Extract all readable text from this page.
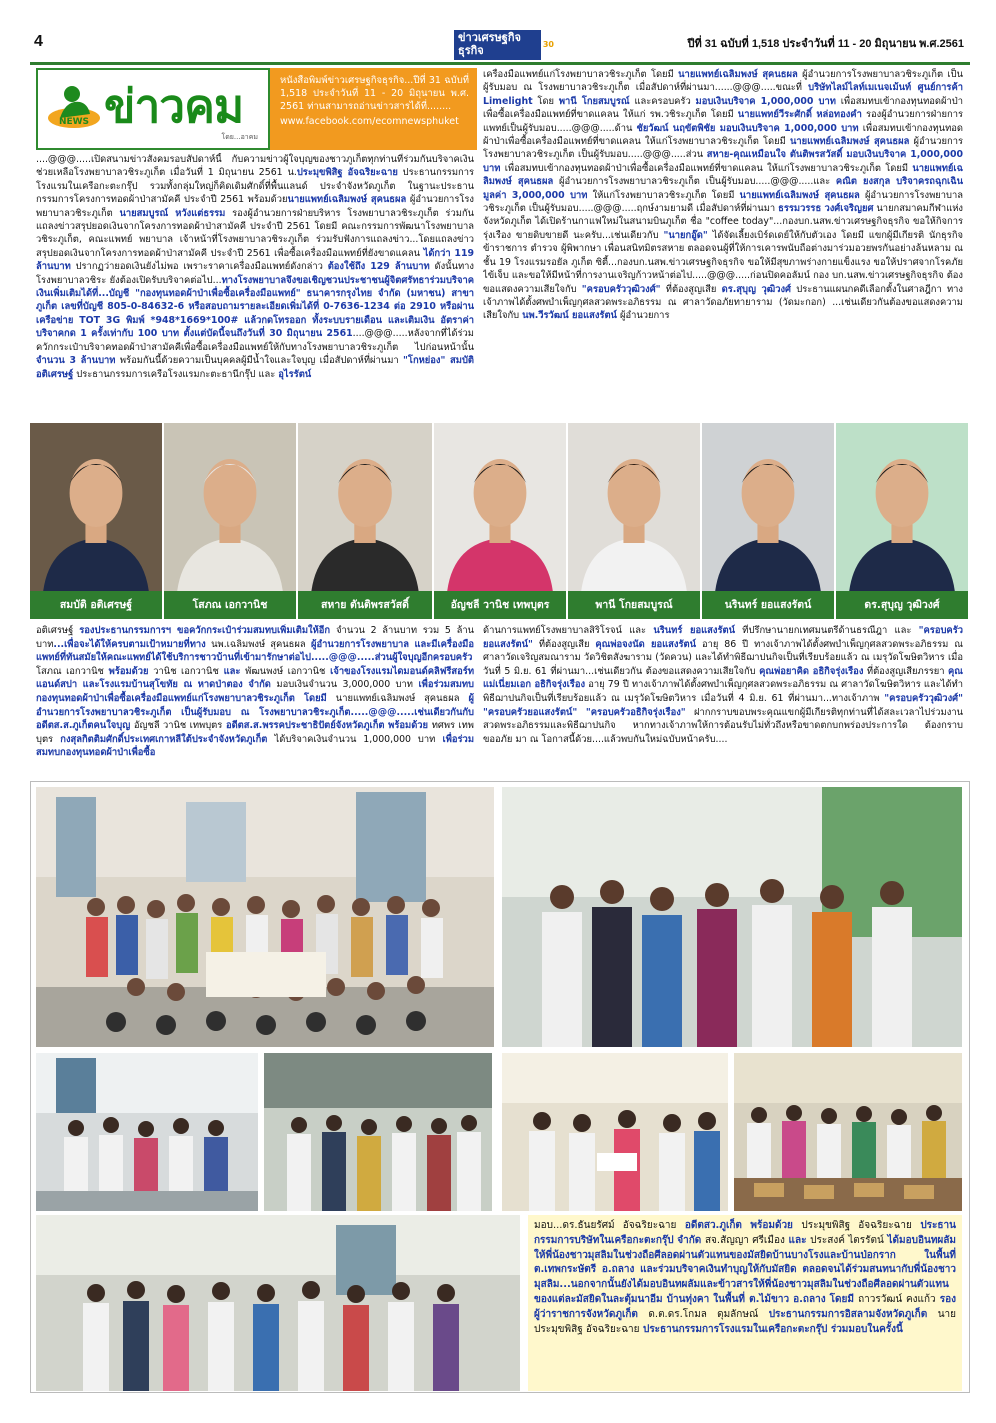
4	ข่าวเศรษฐกิจธุรกิจ
30	ปีที่ 31 ฉบับที่ 1,518 ประจำวันที่ 11 - 20 มิถุนายน พ.ศ.2561
NEWS ข่าวคม
โดย...อาคม
หนังสือพิมพ์ข่าวเศรษฐกิจธุรกิจ...ปีที่ 31 ฉบับที่ 1,518 ประจำวันที่ 11 - 20 มิถุนายน พ.ศ. 2561 ท่านสามารถอ่านข่าวสารได้ที่........
www.facebook.com/ecomnewsphuket

....@@@.....เปิดสนามข่าวสังคมรอบสัปดาห์นี้ กับความข่าวผู้ใจบุญของชาวภูเก็ตทุกท่านที่ร่วมกันบริจาคเงินช่วยเหลือโรงพยาบาลวชิระภูเก็ต เมื่อวันที่ 1 มิถุนายน 2561 น.ประมุขพิสิฐ อัจฉริยะฉาย ประธานกรรมการโรงแรมในเครือกะตะกรุ๊ป รวมทั้งกลุ่มใหญ่ก็คิดเดิมศักดิ์ที่พื้นแลนด์ ประจำจังหวัดภูเก็ต ในฐานะประธานกรรมการโครงการทอดผ้าป่าสามัคคี ประจำปี 2561 พร้อมด้วยนายแพทย์เฉลิมพงษ์ สุคนธผล ผู้อำนวยการโรงพยาบาลวชิระภูเก็ต นายสมบูรณ์ หวังแต่ธรรม รองผู้อำนวยการฝ่ายบริหาร โรงพยาบาลวชิระภูเก็ต ร่วมกันแถลงข่าวสรุปยอดเงินจากโครงการทอดผ้าป่าสามัคคี ประจำปี 2561 โดยมี คณะกรรมการพัฒนาโรงพยาบาลวชิระภูเก็ต, คณะแพทย์ พยาบาล เจ้าหน้าที่โรงพยาบาลวชิระภูเก็ต ร่วมรับฟังการแถลงข่าว...โดยแถลงข่าวสรุปยอดเงินจากโครงการทอดผ้าป่าสามัคคี ประจำปี 2561 เพื่อซื้อเครื่องมือแพทย์ที่ยังขาดแคลน ได้กว่า 119 ล้านบาท ปรากฏว่ายอดเงินยังไม่พอ เพราะราคาเครื่องมือแพทย์ดังกล่าว ต้องใช้ถึง 129 ล้านบาท ดังนั้นทางโรงพยาบาลวชิระ ยังต้องเปิดรับบริจาคต่อไป...ทางโรงพยาบาลจึงขอเชิญชวนประชาชนผู้จิตศรัทธาร่วมบริจาคเงินเพิ่มเติมได้ที่...บัญชี "กองทุนทอดผ้าป่าเพื่อซื้อเครื่องมือแพทย์" ธนาคารกรุงไทย จำกัด (มหาชน) สาขาภูเก็ต เลขที่บัญชี 805-0-84632-6 หรือสอบถามรายละเอียดเพิ่มได้ที่ 0-7636-1234 ต่อ 2910 หรือผ่านเครือข่าย TOT 3G พิมพ์ *948*1669*100# แล้วกดโทรออก ทั้งระบบรายเดือน และเติมเงิน อัตราค่าบริจาคกด 1 ครั้งเท่ากับ 100 บาท ตั้งแต่บัดนี้จนถึงวันที่ 30 มิถุนายน 2561....@@@.....หลังจากที่ได้ร่วมควักกระเป๋าบริจาคทอดผ้าป่าสามัคคีเพื่อซื้อเครื่องมือแพทย์ให้กับทางโรงพยาบาลวชิระภูเก็ต ไปก่อนหน้านั้น จำนวน 3 ล้านบาท พร้อมกันนี้ด้วยความเป็นบุคคลผู้มีน้ำใจและใจบุญ เมื่อสัปดาห์ที่ผ่านมา "โกหย่อง" สมบัติ อติเศรษฐ์ ประธานกรรมการเครือโรงแรมกะตะธานีกรุ๊ป และ อุไรรัตน์

เครื่องมือแพทย์แก่โรงพยาบาลวชิระภูเก็ต โดยมี นายแพทย์เฉลิมพงษ์ สุคนธผล ผู้อำนวยการโรงพยาบาลวชิระภูเก็ต เป็นผู้รับมอบ ณ โรงพยาบาลวชิระภูเก็ต เมื่อสัปดาห์ที่ผ่านมา......@@@.....ขณะที่ บริษัทไลม์ไลท์เมเนจเม้นท์ ศูนย์การค้า Limelight โดย พานี โกยสมบูรณ์ และครอบครัว มอบเงินบริจาค 1,000,000 บาท เพื่อสมทบเข้ากองทุนทอดผ้าป่าเพื่อซื้อเครื่องมือแพทย์ที่ขาดแคลน ให้แก่ รพ.วชิระภูเก็ต โดยมี นายแพทย์วีระศักดิ์ หล่อทองคำ รองผู้อำนวยการฝ่ายการแพทย์เป็นผู้รับมอบ.....@@@.....ด้าน ชัยวัฒน์ นฤขัตพิชัย มอบเงินบริจาค 1,000,000 บาท เพื่อสมทบเข้ากองทุนทอดผ้าป่าเพื่อซื้อเครื่องมือแพทย์ที่ขาดแคลน ให้แก่โรงพยาบาลวชิระภูเก็ต โดยมี นายแพทย์เฉลิมพงษ์ สุคนธผล ผู้อำนวยการโรงพยาบาลวชิระภูเก็ต เป็นผู้รับมอบ.....@@@.....ส่วน สหาย-คุณเหมือนใจ ตันติพรสวัสดิ์ มอบเงินบริจาค 1,000,000 บาท เพื่อสมทบเข้ากองทุนทอดผ้าป่าเพื่อซื้อเครื่องมือแพทย์ที่ขาดแคลน ให้แก่โรงพยาบาลวชิระภูเก็ต โดยมี นายแพทย์เฉลิมพงษ์ สุคนธผล ผู้อำนวยการโรงพยาบาลวชิระภูเก็ต เป็นผู้รับมอบ.....@@@.....และ คณิต ยงสกุล บริจาครถฉุกเฉิน มูลค่า 3,000,000 บาท ให้แก่โรงพยาบาลวชิระภูเก็ต โดยมี นายแพทย์เฉลิมพงษ์ สุคนธผล ผู้อำนวยการโรงพยาบาลวชิระภูเก็ต เป็นผู้รับมอบ.....@@@.....ฤกษ์งามยามดี เมื่อสัปดาห์ที่ผ่านมา ธรรมวรรธ วงศ์เจริญยศ นายกสมาคมกีฬาแห่งจังหวัดภูเก็ต ได้เปิดร้านกาแฟใหม่ในสนามบินภูเก็ต ชื่อ "coffee today"...กองบก.นสพ.ข่าวเศรษฐกิจธุรกิจ ขอให้กิจการรุ่งเรือง ขายดิบขายดี นะครับ...เช่นเดียวกับ "นายกอู๊ด" ได้จัดเลี้ยงเบิร์ดเดย์ให้กับตัวเอง โดยมี แขกผู้มีเกียรติ นักธุรกิจ ข้าราชการ ตำรวจ ผู้พิพากษา เพื่อนสนิทมิตรสหาย ตลอดจนผู้ที่ให้การเคารพนับถือต่างมาร่วมอวยพรกันอย่างล้นหลาม ณ ชั้น 19 โรงแรมรอยัล ภูเก็ต ซิตี้...กองบก.นสพ.ข่าวเศรษฐกิจธุรกิจ ขอให้มีสุขภาพร่างกายแข็งแรง ขอให้ปราศจากโรคภัยไข้เจ็บ และขอให้มีหน้าที่การงานเจริญก้าวหน้าต่อไป.....@@@.....ก่อนปิดคอลัมน์ กอง บก.นสพ.ข่าวเศรษฐกิจธุรกิจ ต้องขอแสดงความเสียใจกับ "ครอบครัววุฒิวงศ์" ที่ต้องสูญเสีย ดร.สุบุญ วุฒิวงศ์ ประธานแผนกคดีเลือกตั้งในศาลฎีกา ทางเจ้าภาพได้ตั้งศพบำเพ็ญกุศลสวดพระอภิธรรม ณ ศาลาวัดอภัยทายาราม (วัดมะกอก) ...เช่นเดียวกันต้องขอแสดงความเสียใจกับ นพ.วีรวัฒน์ ยอแสงรัตน์ ผู้อำนวยการ

สมบัติ อติเศรษฐ์	โสภณ เอกวานิช	สหาย ตันติพรสวัสดิ์	อัญชลี วานิช เทพบุตร	พานี โกยสมบูรณ์	นรินทร์ ยอแสงรัตน์	ดร.สุบุญ วุฒิวงศ์

อติเศรษฐ์ รองประธานกรรมการฯ ขอควักกระเป๋าร่วมสมทบเพิ่มเติมให้อีก จำนวน 2 ล้านบาท รวม 5 ล้านบาท...เพื่อจะได้ให้ครบตามเป้าหมายที่ทาง นพ.เฉลิมพงษ์ สุคนธผล ผู้อำนวยการโรงพยาบาล และมีเครื่องมือแพทย์ที่ทันสมัยให้คณะแพทย์ได้ใช้บริการชาวบ้านที่เข้ามารักษาต่อไป.....@@@.....ส่วนผู้ใจบุญอีกครอบครัว โสภณ เอกวานิช พร้อมด้วย วานิช เอกวานิช และ พัฒนพงษ์ เอกวานิช เจ้าของโรงแรมไดมอนด์คลิฟรีสอร์ทแอนด์สปา และโรงแรมบ้านสุโขทัย ณ หาดป่าตอง จำกัด มอบเงินจำนวน 3,000,000 บาท เพื่อร่วมสมทบกองทุนทอดผ้าป่าเพื่อซื้อเครื่องมือแพทย์แก่โรงพยาบาลวชิระภูเก็ต โดยมี นายแพทย์เฉลิมพงษ์ สุคนธผล ผู้อำนวยการโรงพยาบาลวชิระภูเก็ต เป็นผู้รับมอบ ณ โรงพยาบาลวชิระภูเก็ต.....@@@.....เช่นเดียวกันกับ อดีตส.ส.ภูเก็ตคนใจบุญ อัญชลี วานิช เทพบุตร อดีตส.ส.พรรคประชาธิปัตย์จังหวัดภูเก็ต พร้อมด้วย ทศพร เทพบุตร กงสุลกิตติมศักดิ์ประเทศเกาหลีใต้ประจำจังหวัดภูเก็ต ได้บริจาคเงินจำนวน 1,000,000 บาท เพื่อร่วมสมทบกองทุนทอดผ้าป่าเพื่อซื้อ

ด้านการแพทย์โรงพยาบาลสิริโรจน์ และ นรินทร์ ยอแสงรัตน์ ที่ปรึกษานายกเทศมนตรีด้านธรณีฎา และ "ครอบครัวยอแสงรัตน์" ที่ต้องสูญเสีย คุณพ่อจงนัด ยอแสงรัตน์ อายุ 86 ปี ทางเจ้าภาพได้ตั้งศพบำเพ็ญกุศลสวดพระอภิธรรม ณ ศาลาวัดเจริญสมณาราม วัดวิชิตสังฆาราม (วัดควน) และได้ทำพิธีฌาปนกิจเป็นที่เรียบร้อยแล้ว ณ เมรุวัดโฆษิตวิหาร เมื่อวันที่ 5 มิ.ย. 61 ที่ผ่านมา...เช่นเดียวกัน ต้องขอแสดงความเสียใจกับ คุณพ่อยาคิด อธิกิจรุ่งเรือง ที่ต้องสูญเสียภรรยา คุณแม่เนี่ยมเอก อธิกิจรุ่งเรือง อายุ 79 ปี ทางเจ้าภาพได้ตั้งศพบำเพ็ญกุศลสวดพระอภิธรรม ณ ศาลาวัดโฆษิตวิหาร และได้ทำพิธีฌาปนกิจเป็นที่เรียบร้อยแล้ว ณ เมรุวัดโฆษิตวิหาร เมื่อวันที่ 4 มิ.ย. 61 ที่ผ่านมา...ทางเจ้าภาพ "ครอบครัววุฒิวงศ์" "ครอบครัวยอแสงรัตน์" "ครอบครัวอธิกิจรุ่งเรือง" ฝากกราบขอบพระคุณแขกผู้มีเกียรติทุกท่านที่ได้สละเวลาไปร่วมงานสวดพระอภิธรรมและพิธีฌาปนกิจ หากทางเจ้าภาพให้การต้อนรับไม่ทั่วถึงหรือขาดตกบกพร่องประการใด ต้องกราบขออภัย มา ณ โอกาสนี้ด้วย....แล้วพบกันใหม่ฉบับหน้าครับ....

มอบ...ดร.ธันยรัศม์ อัจฉริยะฉาย อดีตสว.ภูเก็ต พร้อมด้วย ประมุขพิสิฐ อัจฉริยะฉาย ประธานกรรมการบริษัทในเครือกะตะกรุ๊ป จำกัด สจ.สัญญา ศรีเมือง และ ประสงค์ ไตรรัตน์ ได้มอบอินทผลัมให้พี่น้องชาวมุสลิมในช่วงถือศีลอดผ่านตัวแทนของมัสยิดบ้านบางโรงและบ้านป่อกราก ในพื้นที่ ต.เทพกระษัตรี อ.ถลาง และร่วมบริจาคเงินทำบุญให้กับมัสยิด ตลอดจนได้ร่วมสนทนากับพี่น้องชาวมุสลิม...นอกจากนั้นยังได้มอบอินทผลัมและข้าวสารให้พี่น้องชาวมุสลิมในช่วงถือศีลอดผ่านตัวแทนของแต่ละมัสยิดในละตุ้มนาอีม บ้านทุ่งคา ในพื้นที่ ต.ไม้ขาว อ.ถลาง โดยมี ถาวรวัฒน์ คงแก้ว รองผู้ว่าราชการจังหวัดภูเก็ต ด.ต.ดร.โกมล ดุมลักษณ์ ประธานกรรมการอิสลามจังหวัดภูเก็ต นายประมุขพิสิฐ อัจฉริยะฉาย ประธานกรรมการโรงแรมในเครือกะตะกรุ๊ป ร่วมมอบในครั้งนี้
